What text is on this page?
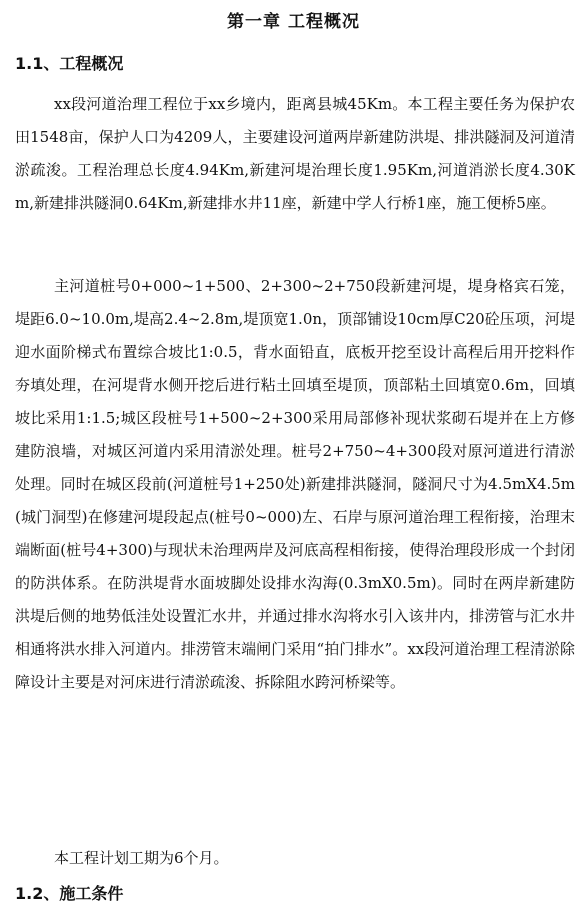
第一章 工程概况
1.1、工程概况
xx段河道治理工程位于xx乡境内，距离县城45Km。本工程主要任务为保护农田1548亩，保护人口为4209人，主要建设河道两岸新建防洪堤、排洪隧洞及河道清淤疏浚。工程治理总长度4.94Km,新建河堤治理长度1.95Km,河道消淤长度4.30Km,新建排洪隧洞0.64Km,新建排水井11座，新建中学人行桥1座，施工便桥5座。
主河道桩号0+000~1+500、2+300~2+750段新建河堤，堤身格宾石笼，堤距6.0~10.0m,堤高2.4~2.8m,堤顶宽1.0n，顶部铺设10cm厚C20砼压项，河堤迎水面阶梯式布置综合坡比1:0.5，背水面铅直，底板开挖至设计高程后用开挖料作夯填处理，在河堤背水侧开挖后进行粘土回填至堤顶，顶部粘土回填宽0.6m，回填坡比采用1:1.5;城区段桩号1+500~2+300采用局部修补现状浆砌石堤并在上方修建防浪墙，对城区河道内采用清淤处理。桩号2+750~4+300段对原河道进行清淤处理。同时在城区段前(河道桩号1+250处)新建排洪隧洞，隧洞尺寸为4.5mX4.5m(城门洞型)在修建河堤段起点(桩号0~000)左、石岸与原河道治理工程衔接，治理末端断面(桩号4+300)与现状未治理两岸及河底高程相衔接，使得治理段形成一个封闭的防洪体系。在防洪堤背水面坡脚处设排水沟海(0.3mX0.5m)。同时在两岸新建防洪堤后侧的地势低洼处设置汇水井，并通过排水沟将水引入该井内，排涝管与汇水井相通将洪水排入河道内。排涝管末端闸门采用“拍门排水”。xx段河道治理工程清淤除障设计主要是对河床进行清淤疏浚、拆除阻水跨河桥梁等。
本工程计划工期为6个月。
1.2、施工条件
